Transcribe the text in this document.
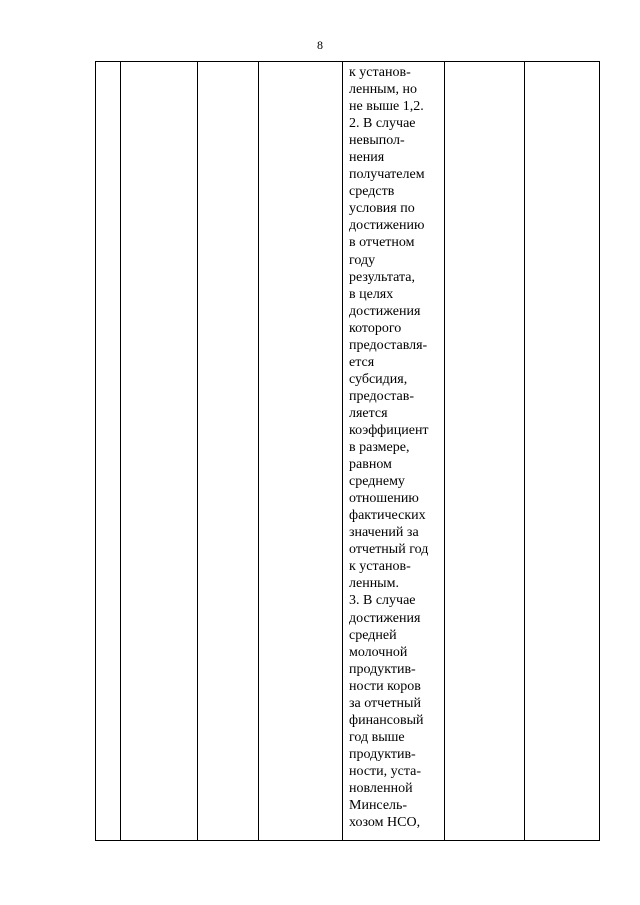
8

к установ-
ленным, но
не выше 1,2.
2. В случае
невыпол-
нения
получателем
средств
условия по
достижению
в отчетном
году
результата,
в целях
достижения
которого
предоставля-
ется
субсидия,
предостав-
ляется
коэффициент
в размере,
равном
среднему
отношению
фактических
значений за
отчетный год
к установ-
ленным.
3. В случае
достижения
средней
молочной
продуктив-
ности коров
за отчетный
финансовый
год выше
продуктив-
ности, уста-
новленной
Минсель-
хозом НСО,
